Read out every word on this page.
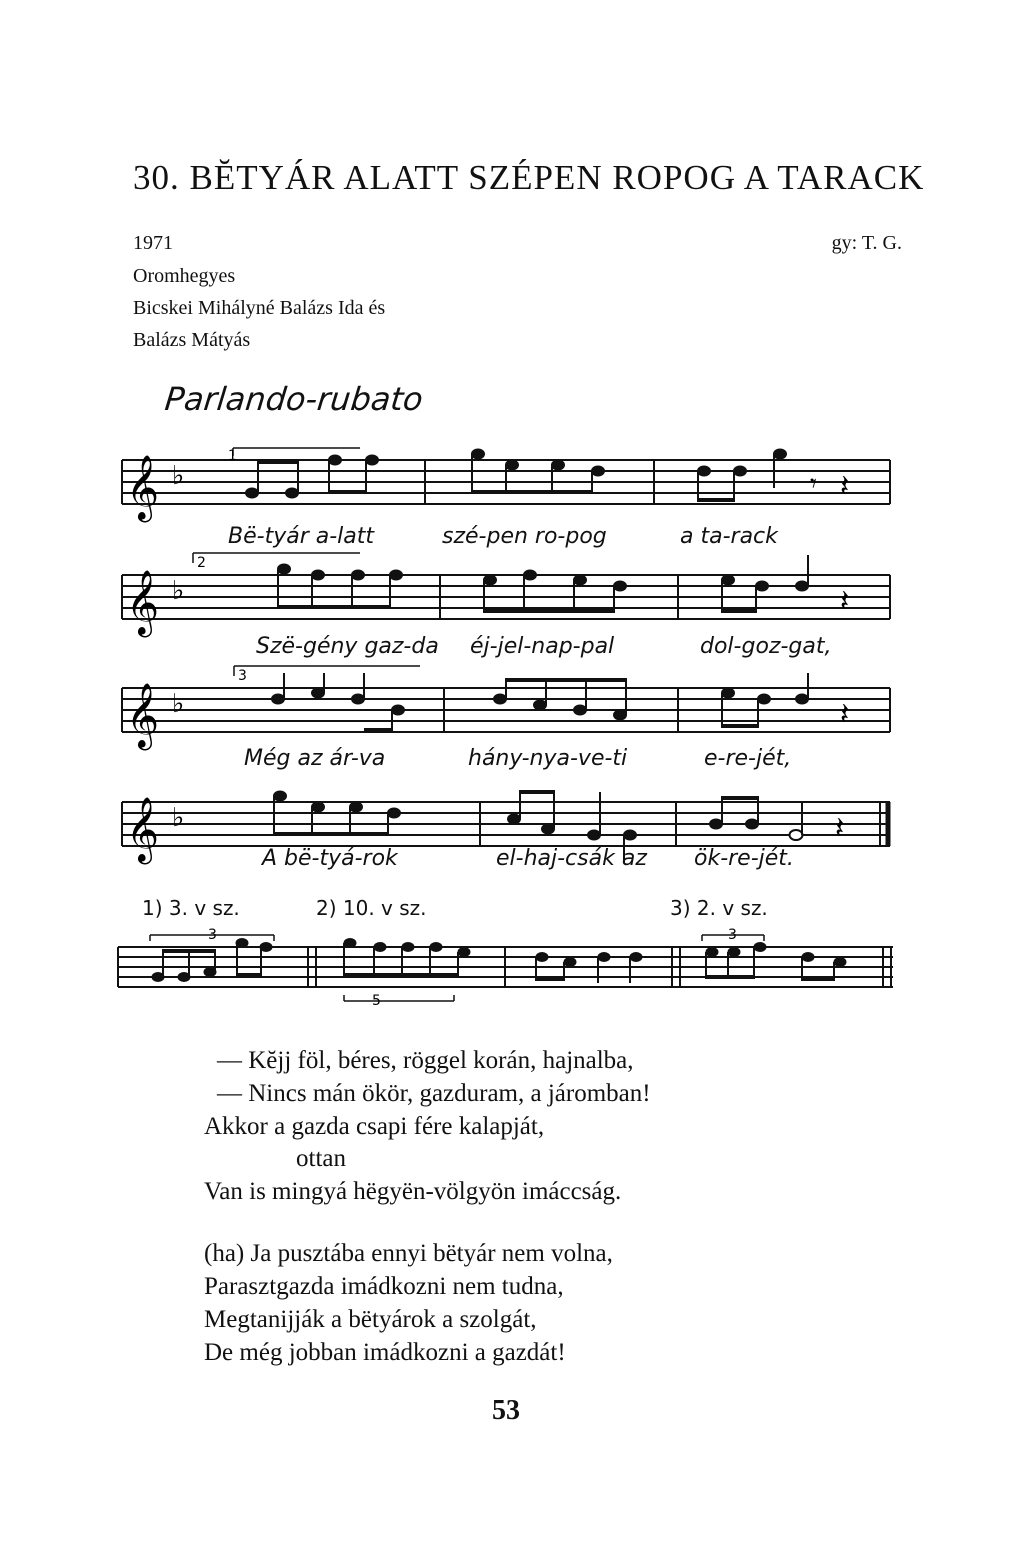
30. BĔTYÁR ALATT SZÉPEN ROPOG A TARACK
1971
Oromhegyes
Bicskei Mihályné Balázs Ida és
Balázs Mátyás
gy: T. G.
Parlando-rubato
1
𝄞 ♭	𝄾 𝄽
Bë-tyár a-latt	szé-pen ro-pog	a ta-rack
2
𝄞 ♭	𝄽
Szë-gény gaz-da éj-jel-nap-pal	dol-goz-gat,
3
𝄞 ♭	𝄽
Még az ár-va	hány-nya-ve-ti	e-re-jét,
𝄞 ♭	𝄽
A bë-tyá-rok	el-haj-csák az ök-re-jét.
1) 3. v sz.	2) 10. v sz.	3) 2. v sz.
3
5
3
— Kĕjj föl, béres, röggel korán, hajnalba,
— Nincs mán ökör, gazduram, a járomban!
Akkor a gazda csapi fére kalapját,
ottan
Van is mingyá hëgyën-völgyön imáccság.
(ha) Ja pusztába ennyi bëtyár nem volna,
Parasztgazda imádkozni nem tudna,
Megtanijják a bëtyárok a szolgát,
De még jobban imádkozni a gazdát!
53
